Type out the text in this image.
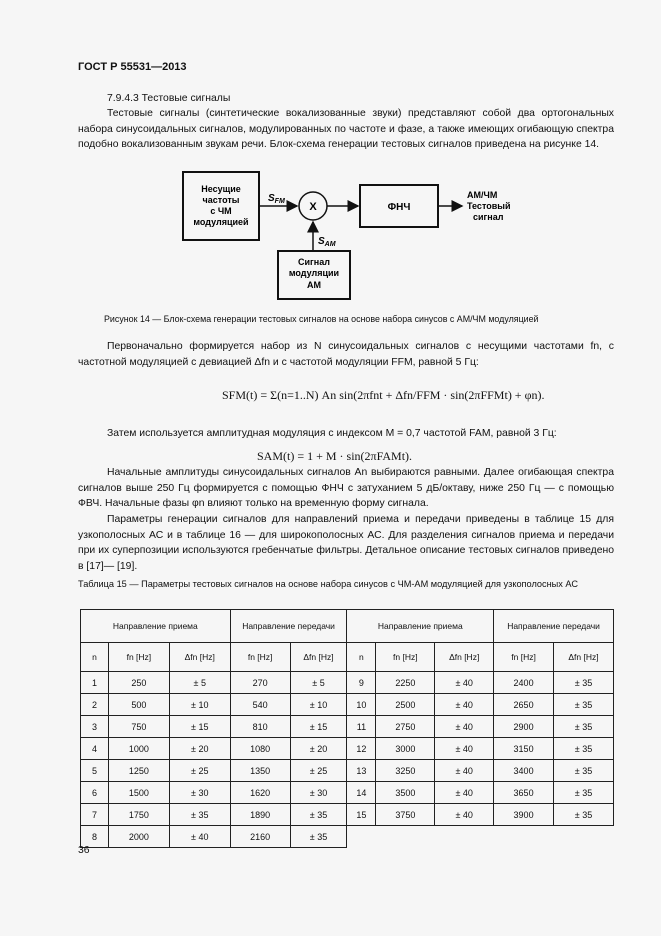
ГОСТ Р 55531—2013
7.9.4.3 Тестовые сигналы
Тестовые сигналы (синтетические вокализованные звуки) представляют собой два ортогональных набора синусоидальных сигналов, модулированных по частоте и фазе, а также имеющих огибающую спектра подобно вокализованным звукам речи. Блок-схема генерации тестовых сигналов приведена на рисунке 14.
Несущие
частоты
с ЧМ
модуляцией
$S_{FM}$ X	ФНЧ
АМ/ЧМ
Тестовый
сигнал
$S_{AM}$
Сигнал
модуляции
АМ
Рисунок 14 — Блок-схема генерации тестовых сигналов на основе набора синусов с АМ/ЧМ модуляцией
Первоначально формируется набор из N синусоидальных сигналов с несущими частотами fn, с частотной модуляцией с девиацией Δfn и с частотой модуляции FFM, равной 5 Гц:
SFM(t) = Σ(n=1..N) An sin(2πfnt + Δfn/FFM · sin(2πFFMt) + φn).
Затем используется амплитудная модуляция с индексом M = 0,7 частотой FAM, равной 3 Гц:
SAM(t) = 1 + M · sin(2πFAMt).
Начальные амплитуды синусоидальных сигналов An выбираются равными. Далее огибающая спектра сигналов выше 250 Гц формируется с помощью ФНЧ с затуханием 5 дБ/октаву, ниже 250 Гц — с помощью ФВЧ. Начальные фазы φn влияют только на временную форму сигнала.
Параметры генерации сигналов для направлений приема и передачи приведены в таблице 15 для узкополосных АС и в таблице 16 — для широкополосных АС. Для разделения сигналов приема и передачи при их суперпозиции используются гребенчатые фильтры. Детальное описание тестовых сигналов приведено в [17]— [19].
Таблица 15 — Параметры тестовых сигналов на основе набора синусов с ЧМ-АМ модуляцией для узкополосных АС
Направление приема			Направление передачи		Направление приема			Направление передачи	
n	fn [Hz]	Δfn [Hz]	fn [Hz]	Δfn [Hz]	n	fn [Hz]	Δfn [Hz]	fn [Hz]	Δfn [Hz]
1	250	± 5	270	± 5	9	2250	± 40	2400	± 35
2	500	± 10	540	± 10	10	2500	± 40	2650	± 35
3	750	± 15	810	± 15	11	2750	± 40	2900	± 35
4	1000	± 20	1080	± 20	12	3000	± 40	3150	± 35
5	1250	± 25	1350	± 25	13	3250	± 40	3400	± 35
6	1500	± 30	1620	± 30	14	3500	± 40	3650	± 35
7	1750	± 35	1890	± 35	15	3750	± 40	3900	± 35
8	2000	± 40	2160	± 35					
36
